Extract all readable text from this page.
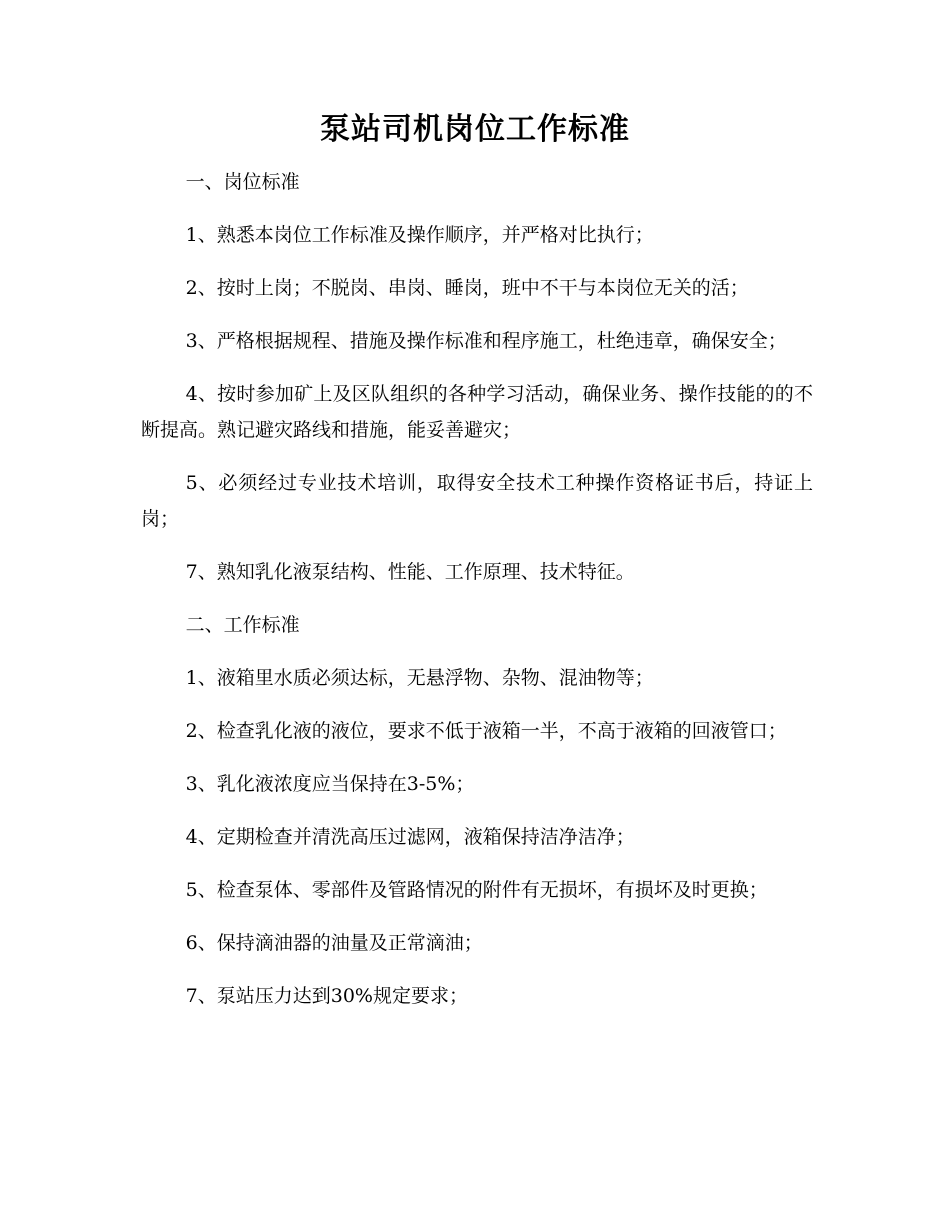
泵站司机岗位工作标准

一、岗位标准

1、熟悉本岗位工作标准及操作顺序，并严格对比执行；

2、按时上岗；不脱岗、串岗、睡岗，班中不干与本岗位无关的活；

3、严格根据规程、措施及操作标准和程序施工，杜绝违章，确保安全；

4、按时参加矿上及区队组织的各种学习活动，确保业务、操作技能的的不断提高。熟记避灾路线和措施，能妥善避灾；

5、必须经过专业技术培训，取得安全技术工种操作资格证书后，持证上岗；

7、熟知乳化液泵结构、性能、工作原理、技术特征。

二、工作标准

1、液箱里水质必须达标，无悬浮物、杂物、混油物等；

2、检查乳化液的液位，要求不低于液箱一半，不高于液箱的回液管口；

3、乳化液浓度应当保持在3-5%；

4、定期检查并清洗高压过滤网，液箱保持洁净洁净；

5、检查泵体、零部件及管路情况的附件有无损坏，有损坏及时更换；

6、保持滴油器的油量及正常滴油；

7、泵站压力达到30%规定要求；
